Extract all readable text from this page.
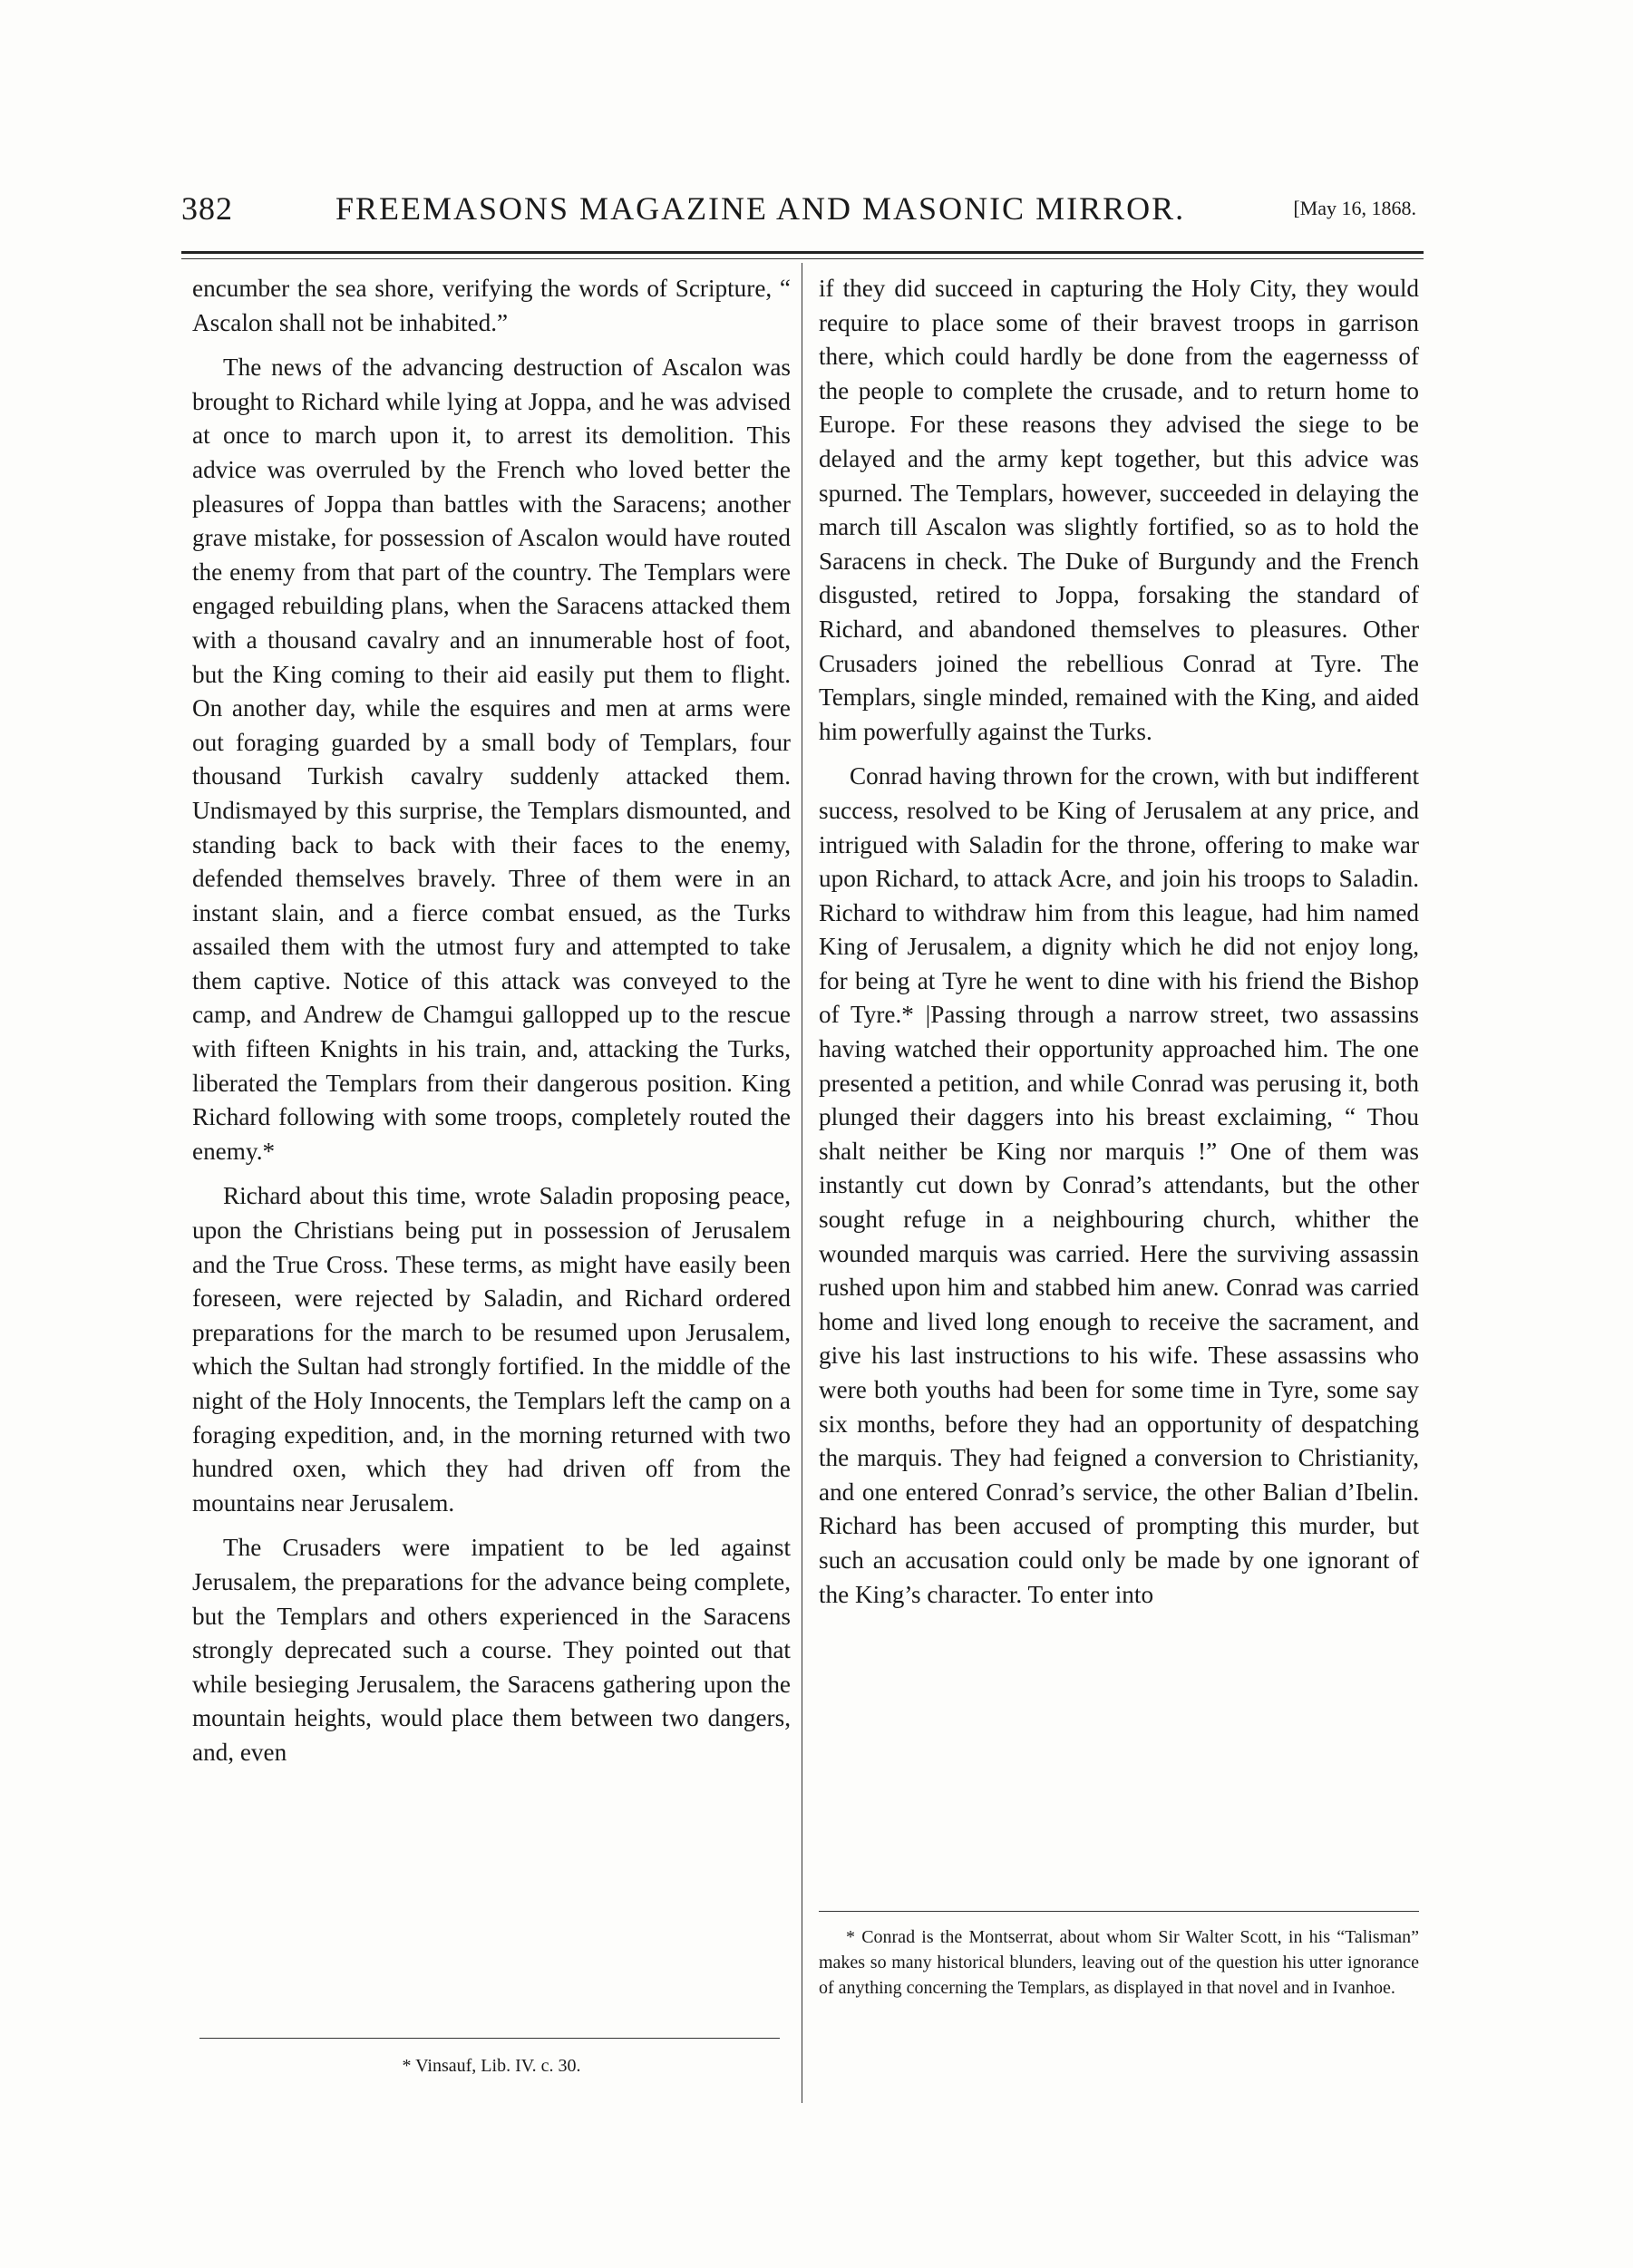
382	FREEMASONS MAGAZINE AND MASONIC MIRROR.	[May 16, 1868.

encumber the sea shore, verifying the words of Scripture, “ Ascalon shall not be inhabited.”

The news of the advancing destruction of Ascalon was brought to Richard while lying at Joppa, and he was advised at once to march upon it, to arrest its demolition. This advice was overruled by the French who loved better the pleasures of Joppa than battles with the Saracens; another grave mistake, for possession of Ascalon would have routed the enemy from that part of the country. The Templars were engaged rebuilding plans, when the Saracens attacked them with a thousand cavalry and an innumerable host of foot, but the King coming to their aid easily put them to flight. On another day, while the esquires and men at arms were out foraging guarded by a small body of Templars, four thousand Turkish cavalry suddenly attacked them. Undismayed by this surprise, the Templars dismounted, and standing back to back with their faces to the enemy, defended themselves bravely. Three of them were in an instant slain, and a fierce combat ensued, as the Turks assailed them with the utmost fury and attempted to take them captive. Notice of this attack was conveyed to the camp, and Andrew de Chamgui gallopped up to the rescue with fifteen Knights in his train, and, attacking the Turks, liberated the Templars from their dangerous position. King Richard following with some troops, completely routed the enemy.*

Richard about this time, wrote Saladin proposing peace, upon the Christians being put in possession of Jerusalem and the True Cross. These terms, as might have easily been foreseen, were rejected by Saladin, and Richard ordered preparations for the march to be resumed upon Jerusalem, which the Sultan had strongly fortified. In the middle of the night of the Holy Innocents, the Templars left the camp on a foraging expedition, and, in the morning returned with two hundred oxen, which they had driven off from the mountains near Jerusalem.

The Crusaders were impatient to be led against Jerusalem, the preparations for the advance being complete, but the Templars and others experienced in the Saracens strongly deprecated such a course. They pointed out that while besieging Jerusalem, the Saracens gathering upon the mountain heights, would place them between two dangers, and, even

if they did succeed in capturing the Holy City, they would require to place some of their bravest troops in garrison there, which could hardly be done from the eagernesss of the people to complete the crusade, and to return home to Europe. For these reasons they advised the siege to be delayed and the army kept together, but this advice was spurned. The Templars, however, succeeded in delaying the march till Ascalon was slightly fortified, so as to hold the Saracens in check. The Duke of Burgundy and the French disgusted, retired to Joppa, forsaking the standard of Richard, and abandoned themselves to pleasures. Other Crusaders joined the rebellious Conrad at Tyre. The Templars, single minded, remained with the King, and aided him powerfully against the Turks.

Conrad having thrown for the crown, with but indifferent success, resolved to be King of Jerusalem at any price, and intrigued with Saladin for the throne, offering to make war upon Richard, to attack Acre, and join his troops to Saladin. Richard to withdraw him from this league, had him named King of Jerusalem, a dignity which he did not enjoy long, for being at Tyre he went to dine with his friend the Bishop of Tyre.* |Passing through a narrow street, two assassins having watched their opportunity approached him. The one presented a petition, and while Conrad was perusing it, both plunged their daggers into his breast exclaiming, “ Thou shalt neither be King nor marquis !” One of them was instantly cut down by Conrad’s attendants, but the other sought refuge in a neighbouring church, whither the wounded marquis was carried. Here the surviving assassin rushed upon him and stabbed him anew. Conrad was carried home and lived long enough to receive the sacrament, and give his last instructions to his wife. These assassins who were both youths had been for some time in Tyre, some say six months, before they had an opportunity of despatching the marquis. They had feigned a conversion to Christianity, and one entered Conrad’s service, the other Balian d’Ibelin. Richard has been accused of prompting this murder, but such an accusation could only be made by one ignorant of the King’s character. To enter into

* Vinsauf, Lib. IV. c. 30.
* Conrad is the Montserrat, about whom Sir Walter Scott, in his “Talisman” makes so many historical blunders, leaving out of the question his utter ignorance of anything concerning the Templars, as displayed in that novel and in Ivanhoe.
